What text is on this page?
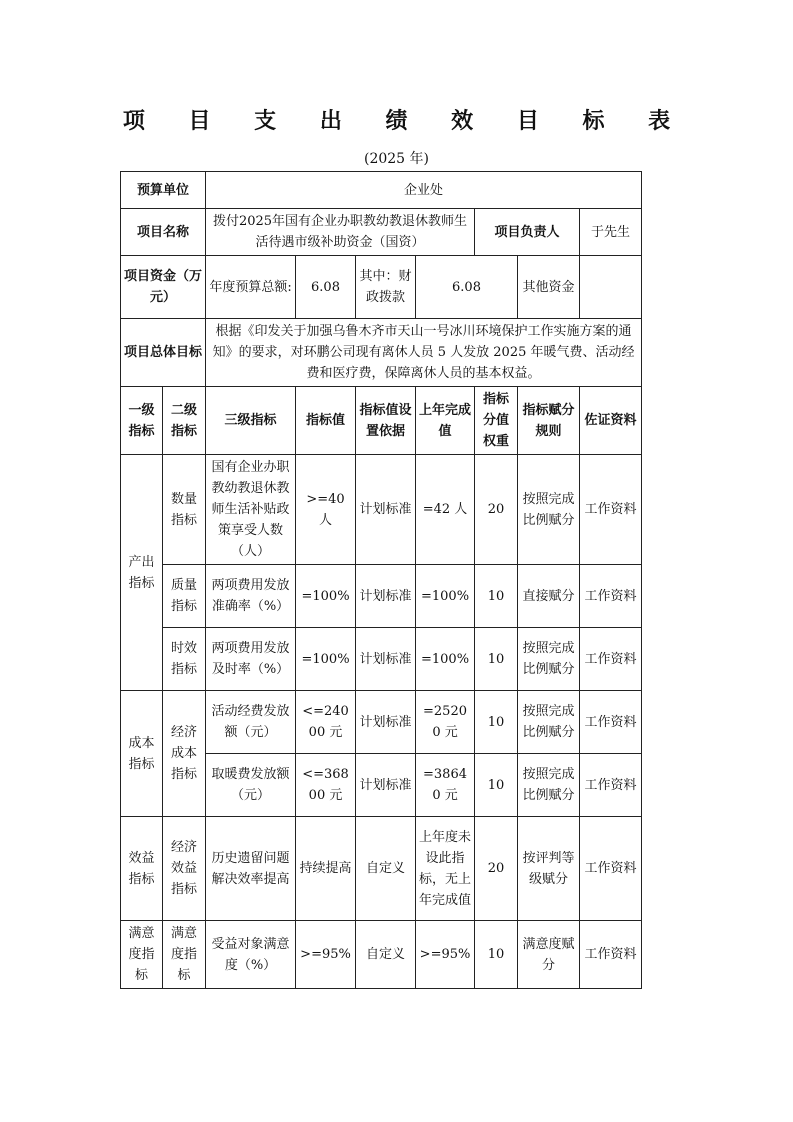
项 目 支 出 绩 效 目 标 表
(2025 年)
预算单位		企业处						
项目名称		拨付2025年国有企业办职教幼教退休教师生活待遇市级补助资金（国资）				项目负责人		于先生
项目资金（万元）		年度预算总额:	6.08	其中：财政拨款	6.08		其他资金	
项目总体目标		根据《印发关于加强乌鲁木齐市天山一号冰川环境保护工作实施方案的通知》的要求，对环鹏公司现有离休人员 5 人发放 2025 年暖气费、活动经费和医疗费，保障离休人员的基本权益。						
一级指标	二级指标	三级指标	指标值	指标值设置依据	上年完成值	指标分值权重	指标赋分规则	佐证资料
产出指标	数量指标	国有企业办职教幼教退休教师生活补贴政策享受人数（人）	>=40 人	计划标准	=42 人	20	按照完成比例赋分	工作资料
	质量指标	两项费用发放准确率（%）	=100%	计划标准	=100%	10	直接赋分	工作资料
	时效指标	两项费用发放及时率（%）	=100%	计划标准	=100%	10	按照完成比例赋分	工作资料
成本指标	经济成本指标	活动经费发放额（元）	<=24000 元	计划标准	=25200 元	10	按照完成比例赋分	工作资料
		取暖费发放额（元）	<=36800 元	计划标准	=38640 元	10	按照完成比例赋分	工作资料
效益指标	经济效益指标	历史遗留问题解决效率提高	持续提高	自定义	上年度未设此指标，无上年完成值	20	按评判等级赋分	工作资料
满意度指标	满意度指标	受益对象满意度（%）	>=95%	自定义	>=95%	10	满意度赋分	工作资料
